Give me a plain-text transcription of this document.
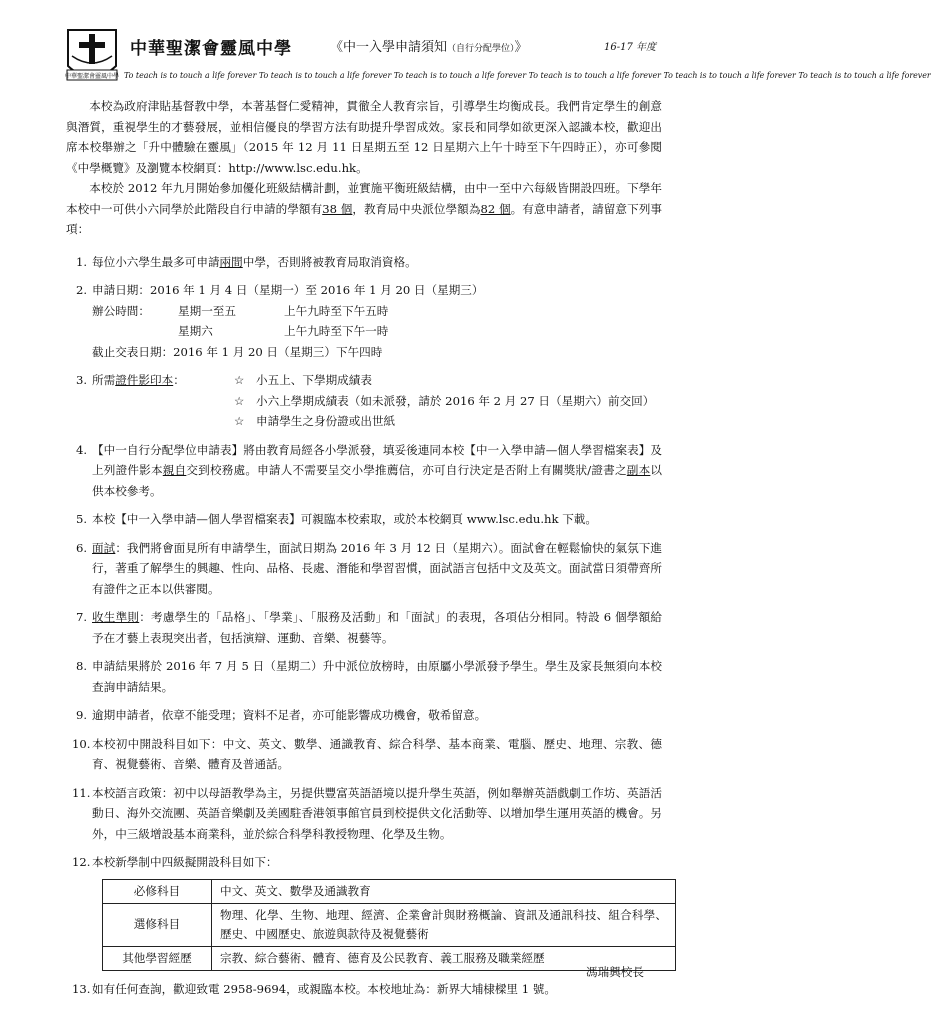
中華聖潔會靈風中學
中華聖潔會靈風中學	《中一入學申請須知（自行分配學位）》	16-17 年度
To teach is to touch a life forever To teach is to touch a life forever To teach is to touch a life forever To teach is to touch a life forever To teach is to touch a life forever To teach is to touch a life forever

本校為政府津貼基督教中學，本著基督仁愛精神，貫徹全人教育宗旨，引導學生均衡成長。我們肯定學生的創意與潛質，重視學生的才藝發展，並相信優良的學習方法有助提升學習成效。家長和同學如欲更深入認識本校，歡迎出席本校舉辦之「升中體驗在靈風」（2015 年 12 月 11 日星期五至 12 日星期六上午十時至下午四時正），亦可參閱《中學概覽》及瀏覽本校網頁：http://www.lsc.edu.hk。

本校於 2012 年九月開始參加優化班級結構計劃，並實施平衡班級結構，由中一至中六每級皆開設四班。下學年本校中一可供小六同學於此階段自行申請的學額有38 個，教育局中央派位學額為82 個。有意申請者，請留意下列事項：

1. 每位小六學生最多可申請兩間中學，否則將被教育局取消資格。
2. 申請日期：2016 年 1 月 4 日（星期一）至 2016 年 1 月 20 日（星期三）
辦公時間：	星期一至五	上午九時至下午五時
星期六	上午九時至下午一時
截止交表日期：2016 年 1 月 20 日（星期三）下午四時
3. 所需證件影印本：	☆ 小五上、下學期成績表
☆ 小六上學期成績表（如未派發，請於 2016 年 2 月 27 日（星期六）前交回）
☆ 申請學生之身份證或出世紙
4. 【中一自行分配學位申請表】將由教育局經各小學派發，填妥後連同本校【中一入學申請—個人學習檔案表】及上列證件影本親自交到校務處。申請人不需要呈交小學推薦信，亦可自行決定是否附上有關獎狀/證書之副本以供本校參考。
5. 本校【中一入學申請—個人學習檔案表】可親臨本校索取，或於本校網頁 www.lsc.edu.hk 下載。
6. 面試：我們將會面見所有申請學生，面試日期為 2016 年 3 月 12 日（星期六）。面試會在輕鬆愉快的氣氛下進行，著重了解學生的興趣、性向、品格、長處、潛能和學習習慣，面試語言包括中文及英文。面試當日須帶齊所有證件之正本以供審閱。
7. 收生準則：考慮學生的「品格」、「學業」、「服務及活動」和「面試」的表現，各項佔分相同。特設 6 個學額給予在才藝上表現突出者，包括演辯、運動、音樂、視藝等。
8. 申請結果將於 2016 年 7 月 5 日（星期二）升中派位放榜時，由原屬小學派發予學生。學生及家長無須向本校查詢申請結果。
9. 逾期申請者，依章不能受理；資料不足者，亦可能影響成功機會，敬希留意。
10. 本校初中開設科目如下：中文、英文、數學、通識教育、綜合科學、基本商業、電腦、歷史、地理、宗教、德育、視覺藝術、音樂、體育及普通話。
11. 本校語言政策：初中以母語教學為主，另提供豐富英語語境以提升學生英語，例如舉辦英語戲劇工作坊、英語活動日、海外交流團、英語音樂劇及美國駐香港領事館官員到校提供文化活動等、以增加學生運用英語的機會。另外，中三級增設基本商業科，並於綜合科學科教授物理、化學及生物。
12. 本校新學制中四級擬開設科目如下：
必修科目	中文、英文、數學及通識教育
選修科目	物理、化學、生物、地理、經濟、企業會計與財務概論、資訊及通訊科技、組合科學、歷史、中國歷史、旅遊與款待及視覺藝術
其他學習經歷	宗教、綜合藝術、體育、德育及公民教育、義工服務及職業經歷
13. 如有任何查詢，歡迎致電 2958-9694，或親臨本校。本校地址為：新界大埔棣樑里 1 號。
馮瑞興校長
